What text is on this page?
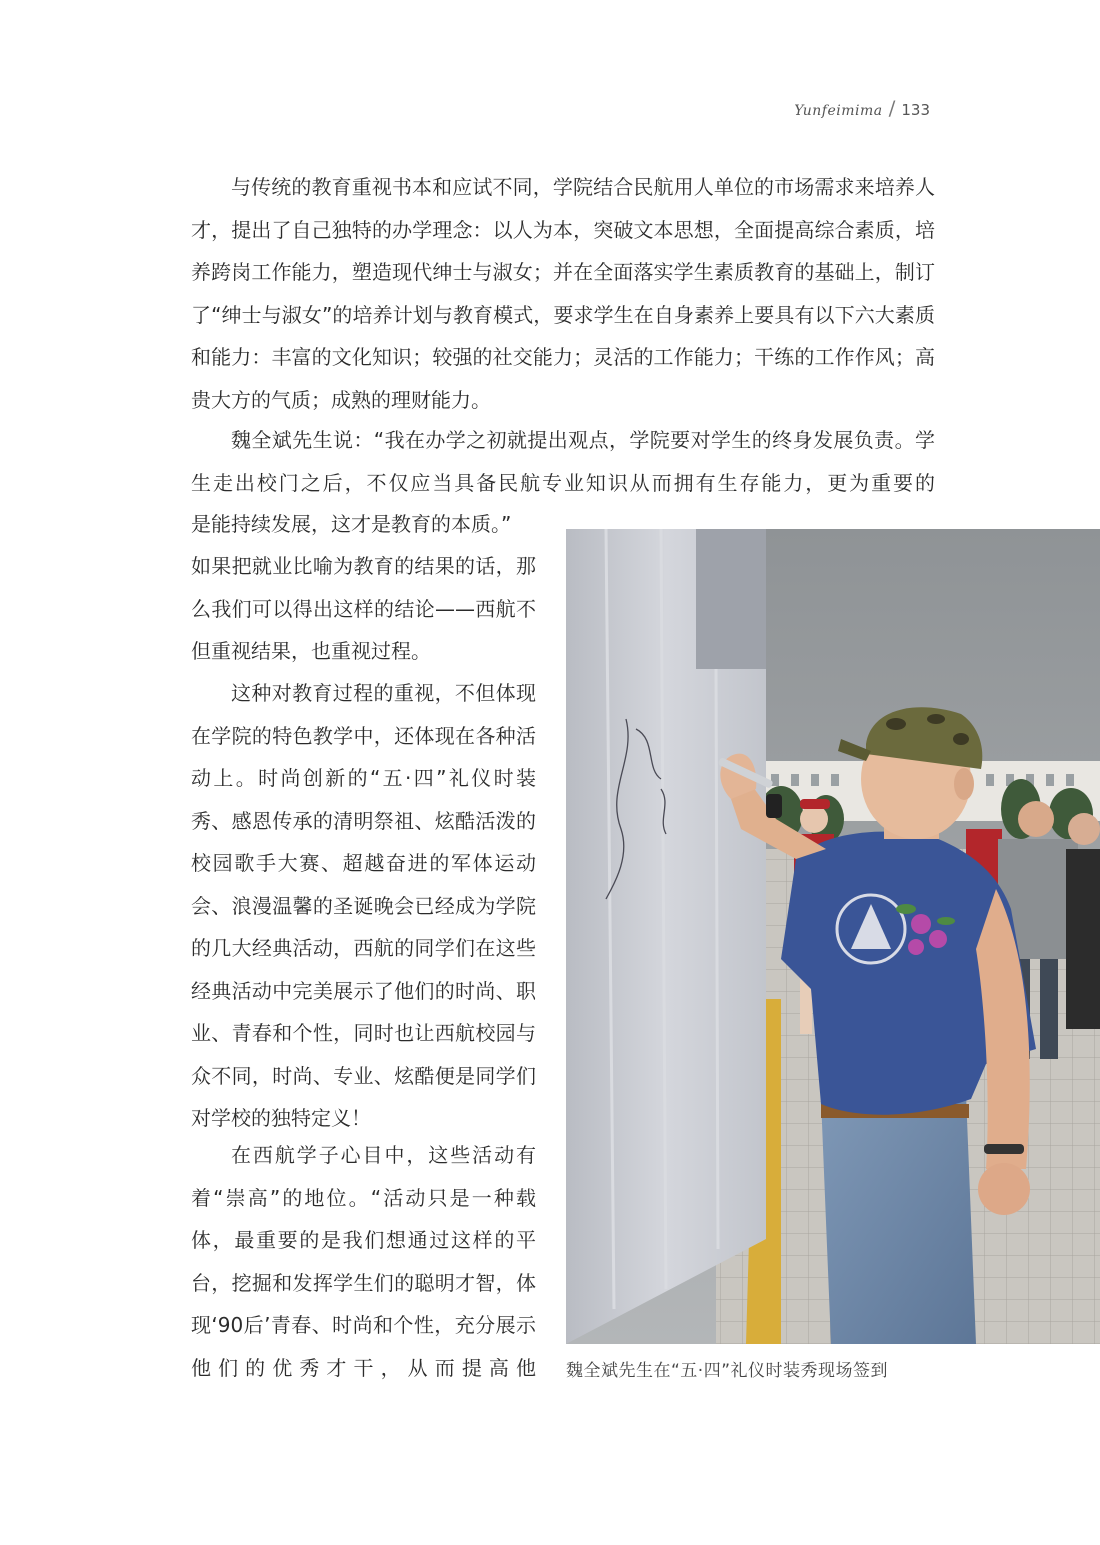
Yunfeimima / 133

与传统的教育重视书本和应试不同，学院结合民航用人单位的市场需求来培养人才，提出了自己独特的办学理念：以人为本，突破文本思想，全面提高综合素质，培养跨岗工作能力，塑造现代绅士与淑女；并在全面落实学生素质教育的基础上，制订了“绅士与淑女”的培养计划与教育模式，要求学生在自身素养上要具有以下六大素质和能力：丰富的文化知识；较强的社交能力；灵活的工作能力；干练的工作作风；高贵大方的气质；成熟的理财能力。

魏全斌先生说：“我在办学之初就提出观点，学院要对学生的终身发展负责。学生走出校门之后，不仅应当具备民航专业知识从而拥有生存能力，更为重要的

是能持续发展，这才是教育的本质。”

如果把就业比喻为教育的结果的话，那么我们可以得出这样的结论——西航不但重视结果，也重视过程。

这种对教育过程的重视，不但体现在学院的特色教学中，还体现在各种活动上。时尚创新的“五·四”礼仪时装秀、感恩传承的清明祭祖、炫酷活泼的校园歌手大赛、超越奋进的军体运动会、浪漫温馨的圣诞晚会已经成为学院的几大经典活动，西航的同学们在这些经典活动中完美展示了他们的时尚、职业、青春和个性，同时也让西航校园与众不同，时尚、专业、炫酷便是同学们对学校的独特定义！

在西航学子心目中，这些活动有着“崇高”的地位。“活动只是一种载体，最重要的是我们想通过这样的平台，挖掘和发挥学生们的聪明才智，体现‘90后’青春、时尚和个性，充分展示他们的优秀才干，从而提高他 魏全斌先生在“五·四”礼仪时装秀现场签到
